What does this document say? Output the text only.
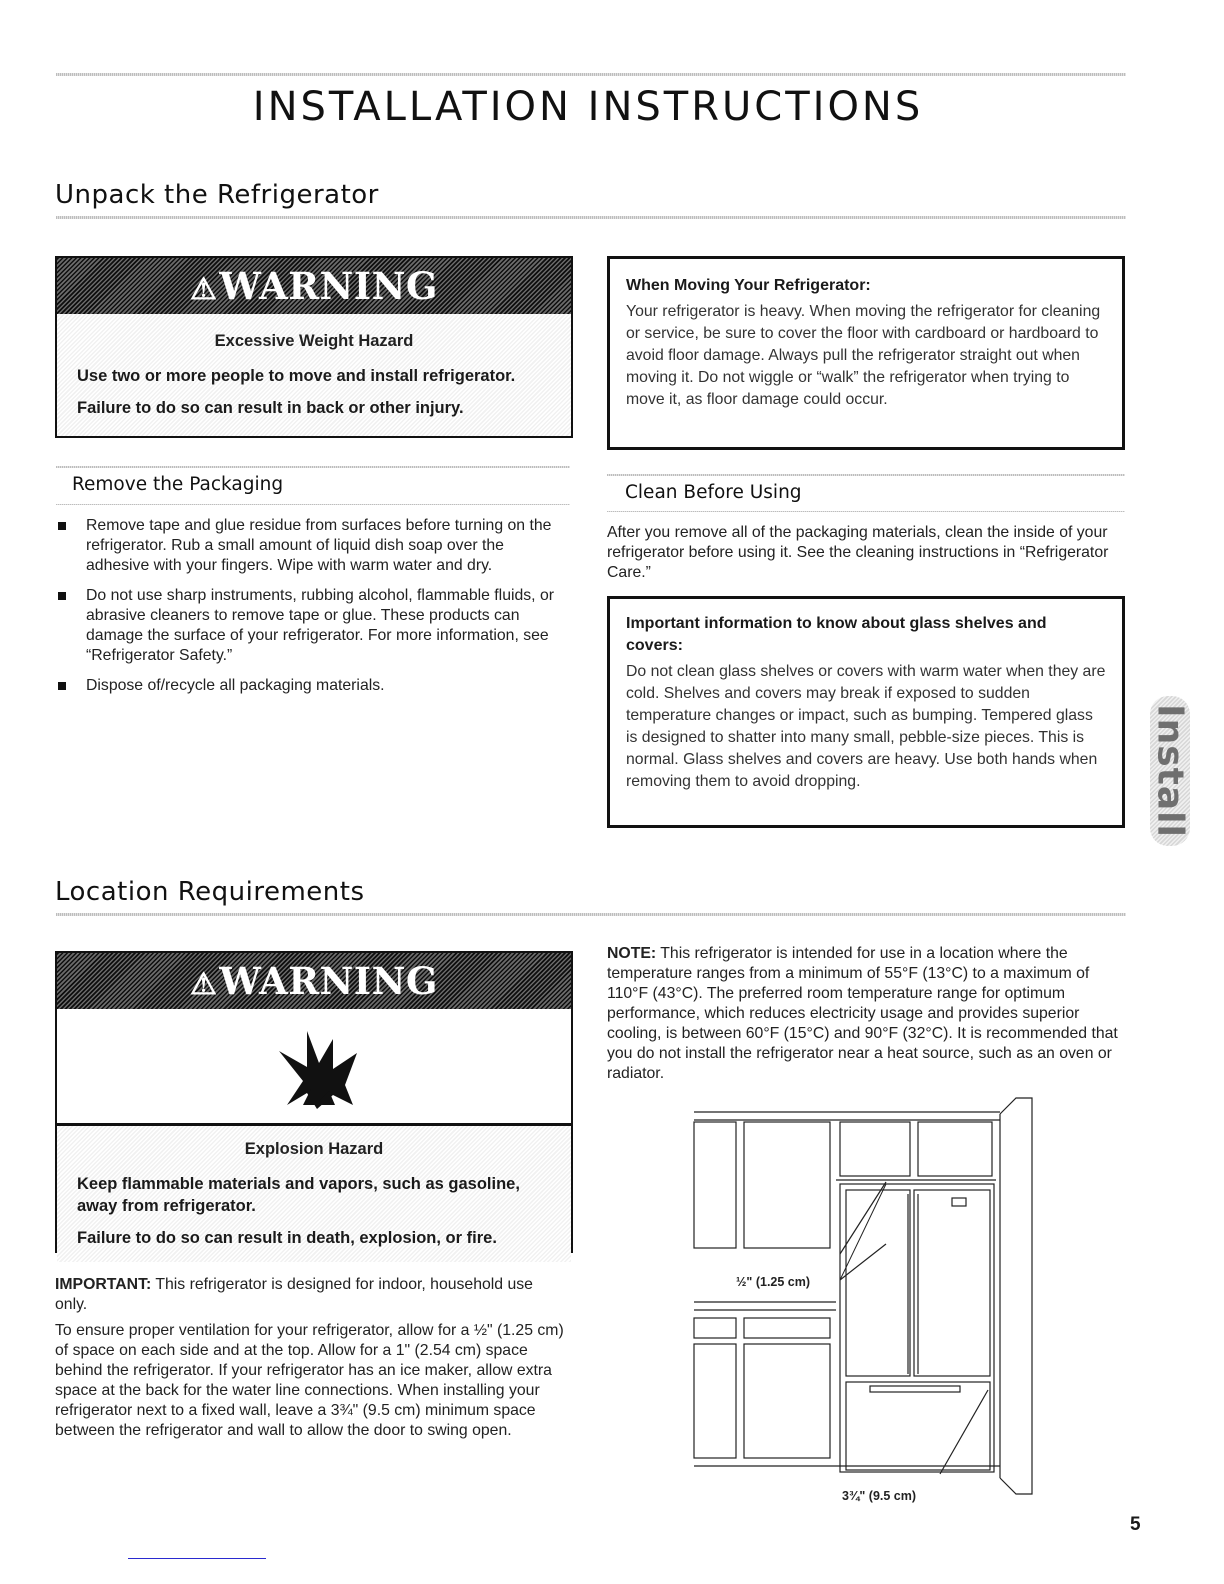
INSTALLATION INSTRUCTIONS
Unpack the Refrigerator
⚠WARNING
Excessive Weight Hazard
Use two or more people to move and install refrigerator.
Failure to do so can result in back or other injury.
When Moving Your Refrigerator:
Your refrigerator is heavy. When moving the refrigerator for cleaning or service, be sure to cover the floor with cardboard or hardboard to avoid floor damage. Always pull the refrigerator straight out when moving it. Do not wiggle or “walk” the refrigerator when trying to move it, as floor damage could occur.
Remove the Packaging
Remove tape and glue residue from surfaces before turning on the refrigerator. Rub a small amount of liquid dish soap over the adhesive with your fingers. Wipe with warm water and dry.
Do not use sharp instruments, rubbing alcohol, flammable fluids, or abrasive cleaners to remove tape or glue. These products can damage the surface of your refrigerator. For more information, see “Refrigerator Safety.”
Dispose of/recycle all packaging materials.
Clean Before Using
After you remove all of the packaging materials, clean the inside of your refrigerator before using it. See the cleaning instructions in “Refrigerator Care.”
Important information to know about glass shelves and covers:
Do not clean glass shelves or covers with warm water when they are cold. Shelves and covers may break if exposed to sudden temperature changes or impact, such as bumping. Tempered glass is designed to shatter into many small, pebble-size pieces. This is normal. Glass shelves and covers are heavy. Use both hands when removing them to avoid dropping.	Install
Location Requirements
⚠WARNING
Explosion Hazard
Keep flammable materials and vapors, such as gasoline, away from refrigerator.
Failure to do so can result in death, explosion, or fire.
IMPORTANT: This refrigerator is designed for indoor, household use only.
To ensure proper ventilation for your refrigerator, allow for a ½" (1.25 cm) of space on each side and at the top. Allow for a 1" (2.54 cm) space behind the refrigerator. If your refrigerator has an ice maker, allow extra space at the back for the water line connections. When installing your refrigerator next to a fixed wall, leave a 3¾" (9.5 cm) minimum space between the refrigerator and wall to allow the door to swing open.
NOTE: This refrigerator is intended for use in a location where the temperature ranges from a minimum of 55°F (13°C) to a maximum of 110°F (43°C). The preferred room temperature range for optimum performance, which reduces electricity usage and provides superior cooling, is between 60°F (15°C) and 90°F (32°C). It is recommended that you do not install the refrigerator near a heat source, such as an oven or radiator.
½" (1.25 cm)
3¾" (9.5 cm)
5
